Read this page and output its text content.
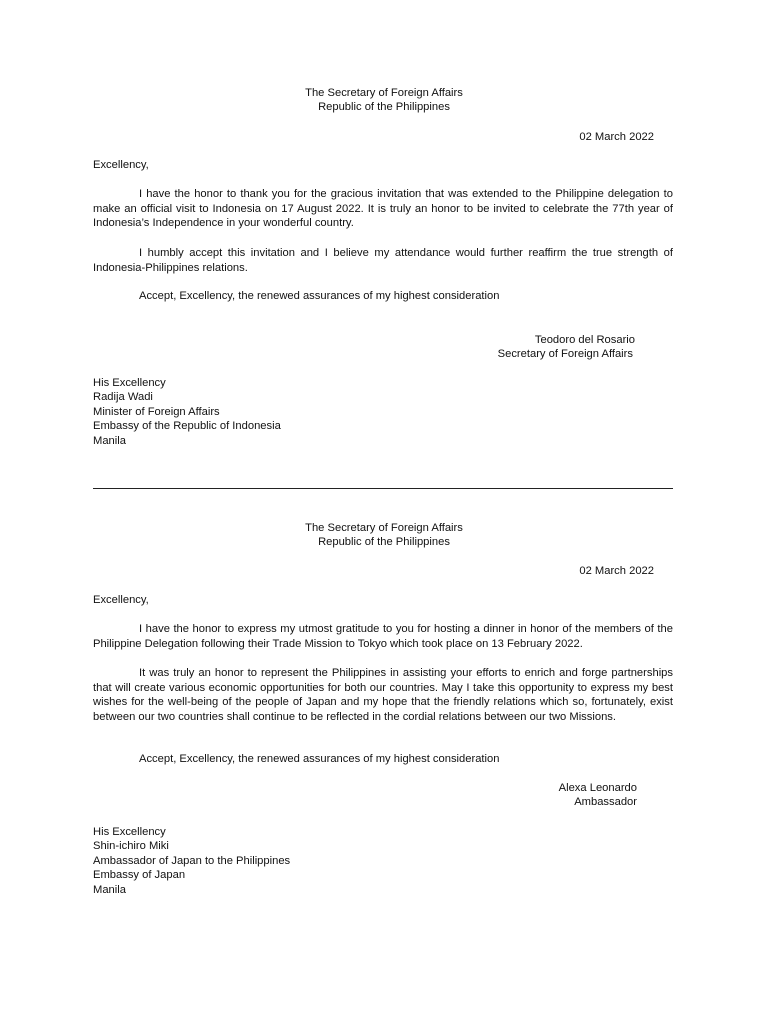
The Secretary of Foreign Affairs
Republic of the Philippines
02 March 2022
Excellency,
I have the honor to thank you for the gracious invitation that was extended to the Philippine delegation to make an official visit to Indonesia on 17 August 2022. It is truly an honor to be invited to celebrate the 77th year of Indonesia’s Independence in your wonderful country.
I humbly accept this invitation and I believe my attendance would further reaffirm the true strength of Indonesia-Philippines relations.
Accept, Excellency, the renewed assurances of my highest consideration
Teodoro del Rosario
Secretary of Foreign Affairs
His Excellency
Radija Wadi
Minister of Foreign Affairs
Embassy of the Republic of Indonesia
Manila
The Secretary of Foreign Affairs
Republic of the Philippines
02 March 2022
Excellency,
I have the honor to express my utmost gratitude to you for hosting a dinner in honor of the members of the Philippine Delegation following their Trade Mission to Tokyo which took place on 13 February 2022.
It was truly an honor to represent the Philippines in assisting your efforts to enrich and forge partnerships that will create various economic opportunities for both our countries. May I take this opportunity to express my best wishes for the well-being of the people of Japan and my hope that the friendly relations which so, fortunately, exist between our two countries shall continue to be reflected in the cordial relations between our two Missions.
Accept, Excellency, the renewed assurances of my highest consideration
Alexa Leonardo
Ambassador
His Excellency
Shin-ichiro Miki
Ambassador of Japan to the Philippines
Embassy of Japan
Manila
